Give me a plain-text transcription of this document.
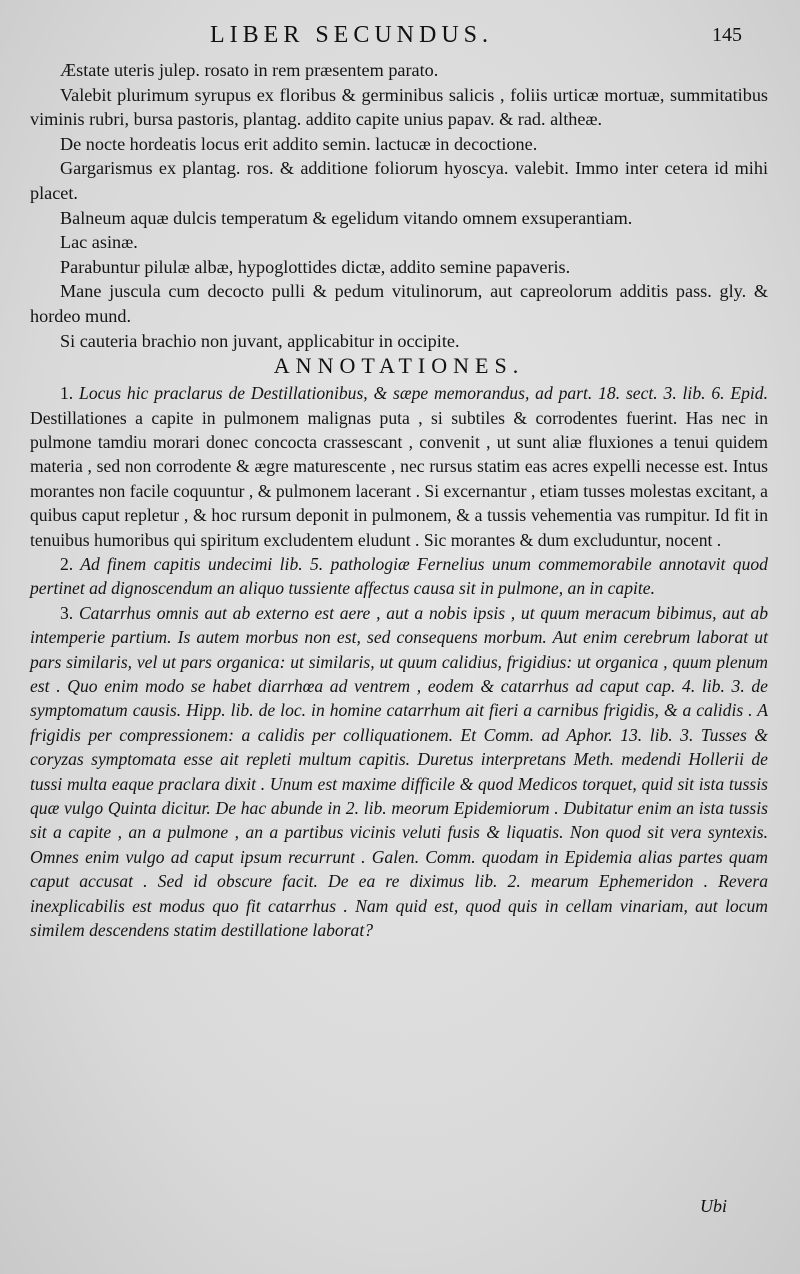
LIBER SECUNDUS.	145

Æstate uteris julep. rosato in rem præsentem parato.

Valebit plurimum syrupus ex floribus & germinibus salicis , foliis urticæ mortuæ, summitatibus viminis rubri, bursa pastoris, plantag. addito capite unius papav. & rad. altheæ.

De nocte hordeatis locus erit addito semin. lactucæ in decoctione.

Gargarismus ex plantag. ros. & additione foliorum hyoscya. valebit. Immo inter cetera id mihi placet.

Balneum aquæ dulcis temperatum & egelidum vitando omnem exsuperantiam.

Lac asinæ.

Parabuntur pilulæ albæ, hypoglottides dictæ, addito semine papaveris.

Mane juscula cum decocto pulli & pedum vitulinorum, aut capreolorum additis pass. gly. & hordeo mund.

Si cauteria brachio non juvant, applicabitur in occipite.

ANNOTATIONES.

1. Locus hic praclarus de Destillationibus, & sæpe memorandus, ad part. 18. sect. 3. lib. 6. Epid. Destillationes a capite in pulmonem malignas puta , si subtiles & corrodentes fuerint. Has nec in pulmone tamdiu morari donec concocta crassescant , convenit , ut sunt aliæ fluxiones a tenui quidem materia , sed non corrodente & ægre maturescente , nec rursus statim eas acres expelli necesse est. Intus morantes non facile coquuntur , & pulmonem lacerant . Si excernantur , etiam tusses molestas excitant, a quibus caput repletur , & hoc rursum deponit in pulmonem, & a tussis vehementia vas rumpitur. Id fit in tenuibus humoribus qui spiritum excludentem eludunt . Sic morantes & dum excluduntur, nocent .

2. Ad finem capitis undecimi lib. 5. pathologiæ Fernelius unum commemorabile annotavit quod pertinet ad dignoscendum an aliquo tussiente affectus causa sit in pulmone, an in capite.

3. Catarrhus omnis aut ab externo est aere , aut a nobis ipsis , ut quum meracum bibimus, aut ab intemperie partium. Is autem morbus non est, sed consequens morbum. Aut enim cerebrum laborat ut pars similaris, vel ut pars organica: ut similaris, ut quum calidius, frigidius: ut organica , quum plenum est . Quo enim modo se habet diarrhœa ad ventrem , eodem & catarrhus ad caput cap. 4. lib. 3. de symptomatum causis. Hipp. lib. de loc. in homine catarrhum ait fieri a carnibus frigidis, & a calidis . A frigidis per compressionem: a calidis per colliquationem. Et Comm. ad Aphor. 13. lib. 3. Tusses & coryzas symptomata esse ait repleti multum capitis. Duretus interpretans Meth. medendi Hollerii de tussi multa eaque praclara dixit . Unum est maxime difficile & quod Medicos torquet, quid sit ista tussis quæ vulgo Quinta dicitur. De hac abunde in 2. lib. meorum Epidemiorum . Dubitatur enim an ista tussis sit a capite , an a pulmone , an a partibus vicinis veluti fusis & liquatis. Non quod sit vera syntexis. Omnes enim vulgo ad caput ipsum recurrunt . Galen. Comm. quodam in Epidemia alias partes quam caput accusat . Sed id obscure facit. De ea re diximus lib. 2. mearum Ephemeridon . Revera inexplicabilis est modus quo fit catarrhus . Nam quid est, quod quis in cellam vinariam, aut locum similem descendens statim destillatione laborat?

Ubi
